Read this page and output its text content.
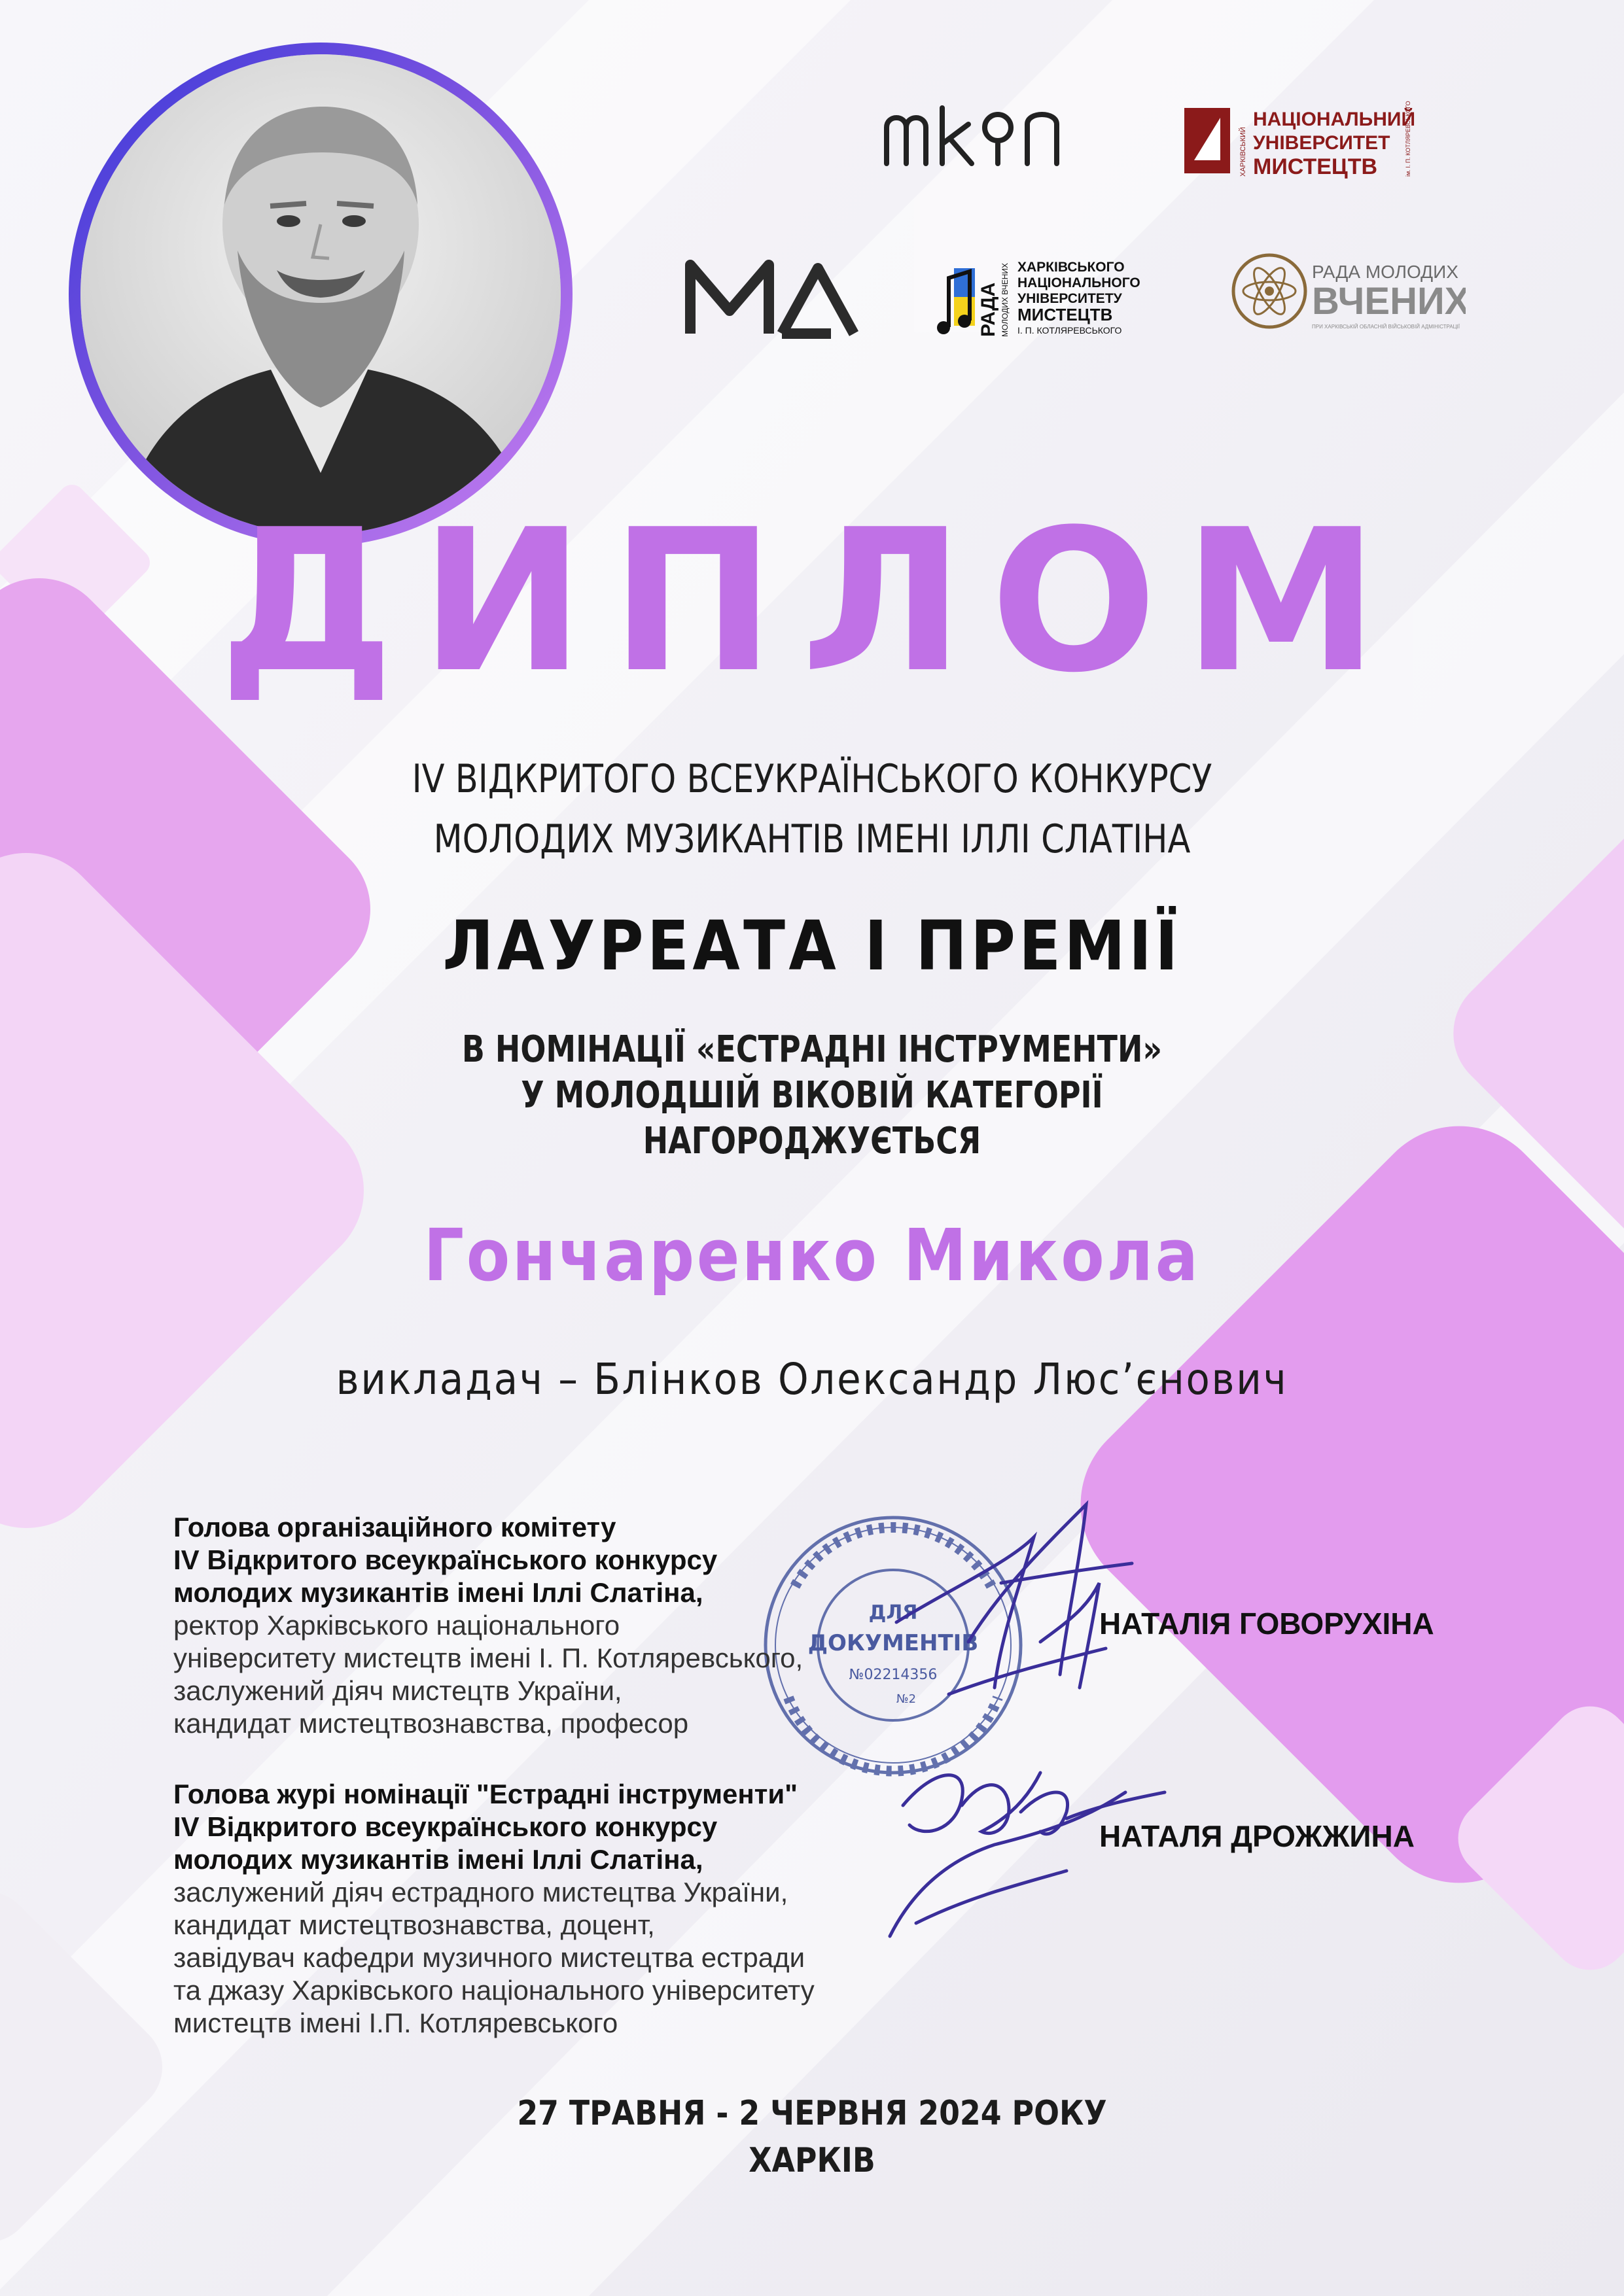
НАЦІОНАЛЬНИЙ
УНІВЕРСИТЕТ
МИСТЕЦТВ
ХАРКІВСЬКИЙ	ім. І. П. КОТЛЯРЕВСЬКОГО
РАДА МОЛОДИХ ВЧЕНИХ ХАРКІВСЬКОГО
НАЦІОНАЛЬНОГО
УНІВЕРСИТЕТУ
МИСТЕЦТВ
І. П. КОТЛЯРЕВСЬКОГО
РАДА МОЛОДИХ
ВЧЕНИХ
ПРИ ХАРКІВСЬКІЙ ОБЛАСНІЙ ВІЙСЬКОВІЙ АДМІНІСТРАЦІЇ
ДИПЛОМ
IV ВІДКРИТОГО ВСЕУКРАЇНСЬКОГО КОНКУРСУ
МОЛОДИХ МУЗИКАНТІВ ІМЕНІ ІЛЛІ СЛАТІНА
ЛАУРЕАТА І ПРЕМІЇ
В НОМІНАЦІЇ «ЕСТРАДНІ ІНСТРУМЕНТИ»
У МОЛОДШІЙ ВІКОВІЙ КАТЕГОРІЇ
НАГОРОДЖУЄТЬСЯ
Гончаренко Микола
викладач – Блінков Олександр Люс’єнович
ДЛЯ
ДОКУМЕНТІВ
№02214356
№2
Голова організаційного комітету
IV Відкритого всеукраїнського конкурсу
молодих музикантів імені Іллі Слатіна,
ректор Харківського національного
університету мистецтв імені І. П. Котляревського,
заслужений діяч мистецтв України,
кандидат мистецтвознавства, професор
НАТАЛІЯ ГОВОРУХІНА
Голова журі номінації "Естрадні інструменти"
IV Відкритого всеукраїнського конкурсу
молодих музикантів імені Іллі Слатіна,
заслужений діяч естрадного мистецтва України,
кандидат мистецтвознавства, доцент,
завідувач кафедри музичного мистецтва естради
та джазу Харківського національного університету
мистецтв імені І.П. Котляревського
НАТАЛЯ ДРОЖЖИНА
27 ТРАВНЯ - 2 ЧЕРВНЯ 2024 РОКУ
ХАРКІВ
